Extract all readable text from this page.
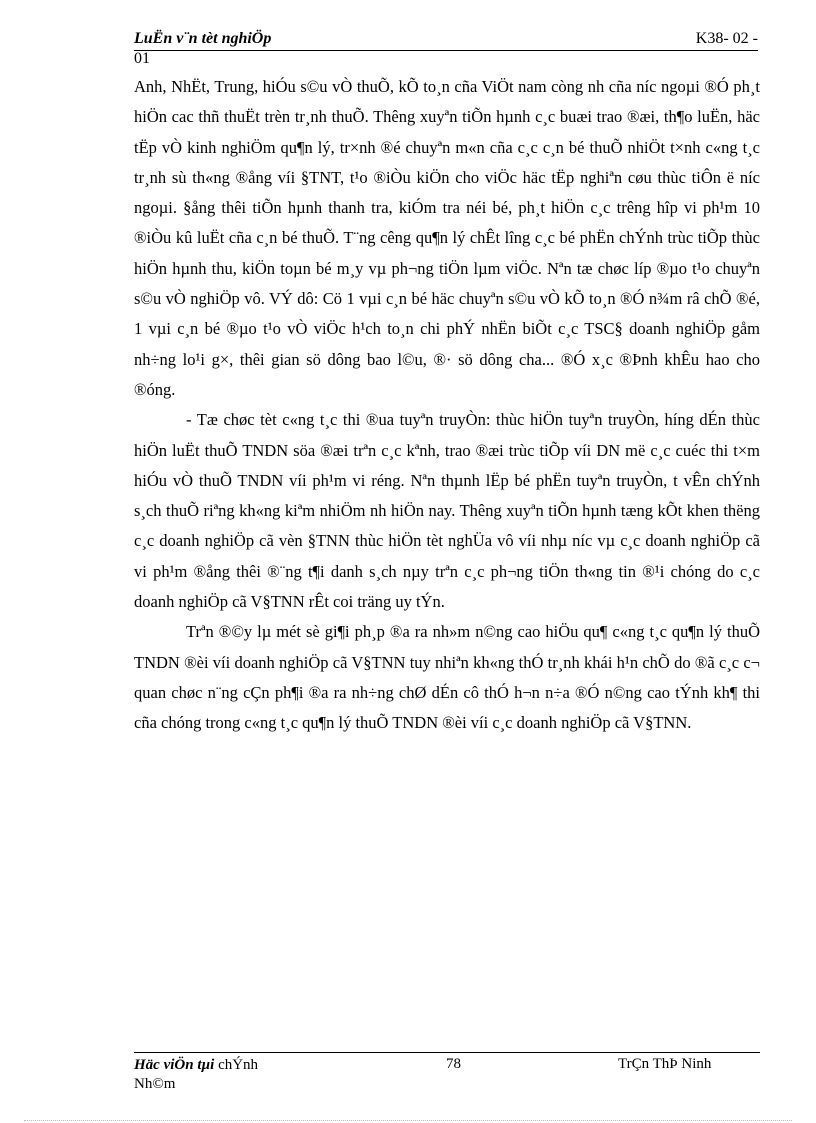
LuËn v¨n tèt nghiÖp	K38- 02 -
01

Anh, NhËt, Trung, hiÓu s©u vÒ thuÕ, kÕ to¸n cña ViÖt nam còng nh cña níc ngoµi ®Ó ph¸t hiÖn cac thñ thuËt trèn tr¸nh thuÕ. Thêng xuyªn tiÕn hµnh c¸c buæi trao ®æi, th¶o luËn, häc tËp vÒ kinh nghiÖm qu¶n lý, tr×nh ®é chuyªn m«n cña c¸c c¸n bé thuÕ nhiÖt t×nh c«ng t¸c tr¸nh sù th«ng ®ång víi §TNT, t¹o ®iÒu kiÖn cho viÖc häc tËp nghiªn cøu thùc tiÔn ë níc ngoµi. §ång thêi tiÕn hµnh thanh tra, kiÓm tra néi bé, ph¸t hiÖn c¸c trêng hîp vi ph¹m 10 ®iÒu kû luËt cña c¸n bé thuÕ. T¨ng cêng qu¶n lý chÊt lîng c¸c bé phËn chÝnh trùc tiÕp thùc hiÖn hµnh thu, kiÖn toµn bé m¸y vµ ph¬ng tiÖn lµm viÖc. Nªn tæ chøc líp ®µo t¹o chuyªn s©u vÒ nghiÖp vô. VÝ dô: Cö 1 vµi c¸n bé häc chuyªn s©u vÒ kÕ to¸n ®Ó n¾m râ chÕ ®é, 1 vµi c¸n bé ®µo t¹o vÒ viÖc h¹ch to¸n chi phÝ nhËn biÕt c¸c TSC§ doanh nghiÖp gåm nh÷ng lo¹i g×, thêi gian sö dông bao l©u, ®· sö dông cha... ®Ó x¸c ®Þnh khÊu hao cho ®óng.

- Tæ chøc tèt c«ng t¸c thi ®ua tuyªn truyÒn: thùc hiÖn tuyªn truyÒn, híng dÉn thùc hiÖn luËt thuÕ TNDN söa ®æi trªn c¸c kªnh, trao ®æi trùc tiÕp víi DN më c¸c cuéc thi t×m hiÓu vÒ thuÕ TNDN víi ph¹m vi réng. Nªn thµnh lËp bé phËn tuyªn truyÒn, t vÊn chÝnh s¸ch thuÕ riªng kh«ng kiªm nhiÖm nh hiÖn nay. Thêng xuyªn tiÕn hµnh tæng kÕt khen thëng c¸c doanh nghiÖp cã vèn §TNN thùc hiÖn tèt nghÜa vô víi nhµ níc vµ c¸c doanh nghiÖp cã vi ph¹m ®ång thêi ®¨ng t¶i danh s¸ch nµy trªn c¸c ph¬ng tiÖn th«ng tin ®¹i chóng do c¸c doanh nghiÖp cã V§TNN rÊt coi träng uy tÝn.

Trªn ®©y lµ mét sè gi¶i ph¸p ®a ra nh»m n©ng cao hiÖu qu¶ c«ng t¸c qu¶n lý thuÕ TNDN ®èi víi doanh nghiÖp cã V§TNN tuy nhiªn kh«ng thÓ tr¸nh khái h¹n chÕ do ®ã c¸c c¬ quan chøc n¨ng cÇn ph¶i ®a ra nh÷ng chØ dÉn cô thÓ h¬n n÷a ®Ó n©ng cao tÝnh kh¶ thi cña chóng trong c«ng t¸c qu¶n lý thuÕ TNDN ®èi víi c¸c doanh nghiÖp cã V§TNN.

Häc viÖn tµi chÝnh
Nh©m
78	TrÇn ThÞ Ninh
